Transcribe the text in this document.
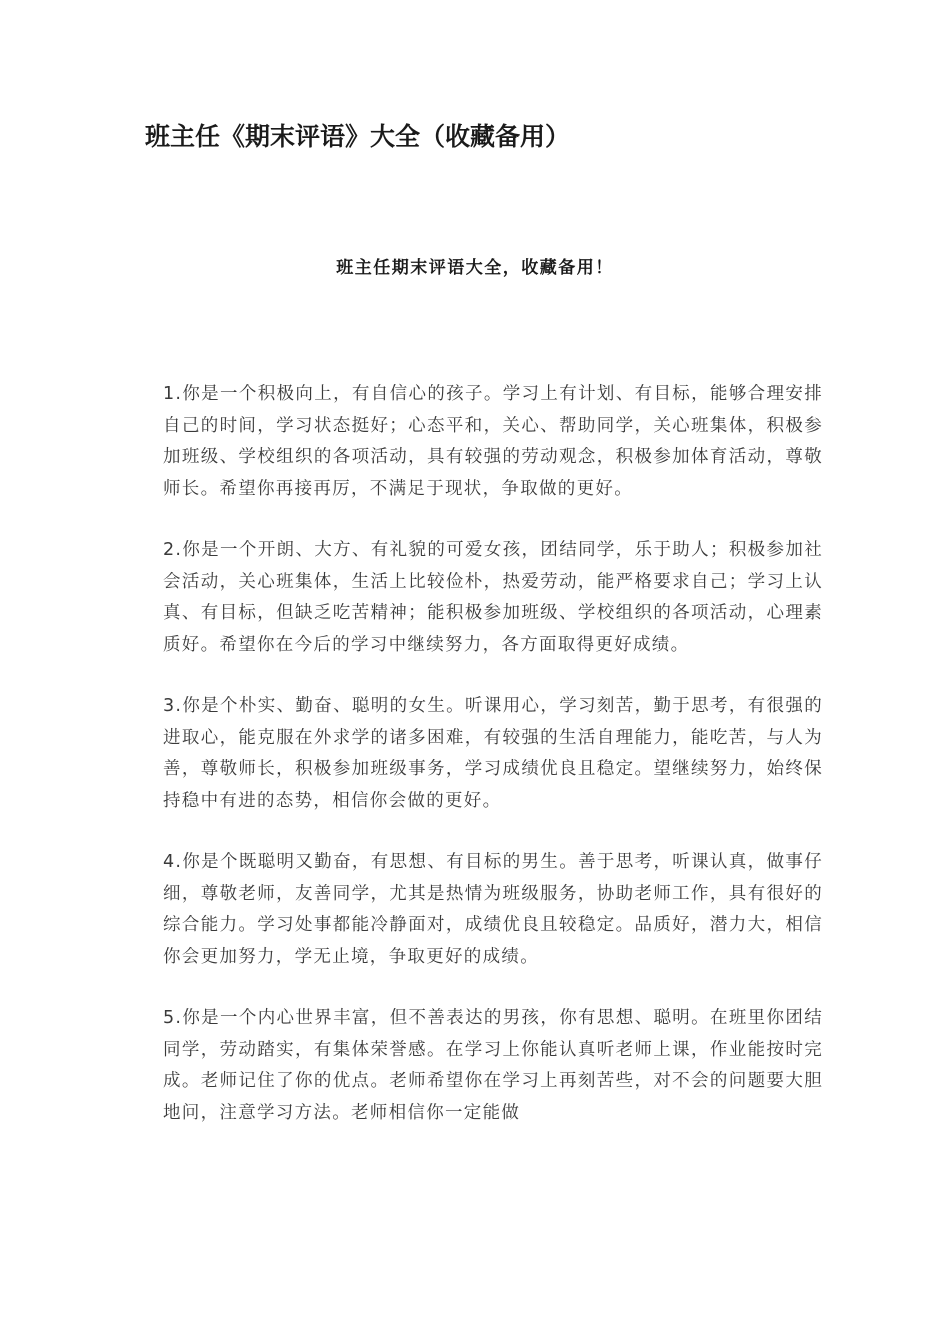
班主任《期末评语》大全（收藏备用）
班主任期末评语大全，收藏备用！

1.你是一个积极向上，有自信心的孩子。学习上有计划、有目标，能够合理安排自己的时间，学习状态挺好；心态平和，关心、帮助同学，关心班集体，积极参加班级、学校组织的各项活动，具有较强的劳动观念，积极参加体育活动，尊敬师长。希望你再接再厉，不满足于现状，争取做的更好。

2.你是一个开朗、大方、有礼貌的可爱女孩，团结同学，乐于助人；积极参加社会活动，关心班集体，生活上比较俭朴，热爱劳动，能严格要求自己；学习上认真、有目标，但缺乏吃苦精神；能积极参加班级、学校组织的各项活动，心理素质好。希望你在今后的学习中继续努力，各方面取得更好成绩。

3.你是个朴实、勤奋、聪明的女生。听课用心，学习刻苦，勤于思考，有很强的进取心，能克服在外求学的诸多困难，有较强的生活自理能力，能吃苦，与人为善，尊敬师长，积极参加班级事务，学习成绩优良且稳定。望继续努力，始终保持稳中有进的态势，相信你会做的更好。

4.你是个既聪明又勤奋，有思想、有目标的男生。善于思考，听课认真，做事仔细，尊敬老师，友善同学，尤其是热情为班级服务，协助老师工作，具有很好的综合能力。学习处事都能冷静面对，成绩优良且较稳定。品质好，潜力大，相信你会更加努力，学无止境，争取更好的成绩。

5.你是一个内心世界丰富，但不善表达的男孩，你有思想、聪明。在班里你团结同学，劳动踏实，有集体荣誉感。在学习上你能认真听老师上课，作业能按时完成。老师记住了你的优点。老师希望你在学习上再刻苦些，对不会的问题要大胆地问，注意学习方法。老师相信你一定能做
